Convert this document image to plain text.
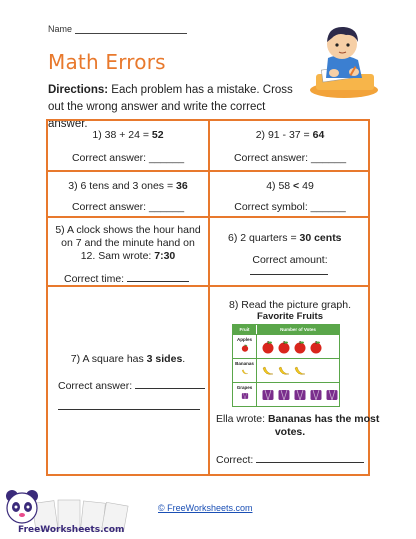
Name
Math Errors
Directions: Each problem has a mistake. Cross out the wrong answer and write the correct answer.
1) 38 + 24 = 52
Correct answer: ______
2) 91 - 37 = 64
Correct answer: ______
3) 6 tens and 3 ones = 36
Correct answer: ______
4) 58 < 49
Correct symbol: ______
5) A clock shows the hour hand
on 7 and the minute hand on
12. Sam wrote: 7:30
Correct time:
6) 2 quarters = 30 cents
Correct amount:
7) A square has 3 sides.
Correct answer:
8) Read the picture graph.
Favorite Fruits
Fruit	Number of Votes
Apples
Bananas
Grapes
Ella wrote: Bananas has the most
votes.
Correct:
FreeWorksheets.com
© FreeWorksheets.com
